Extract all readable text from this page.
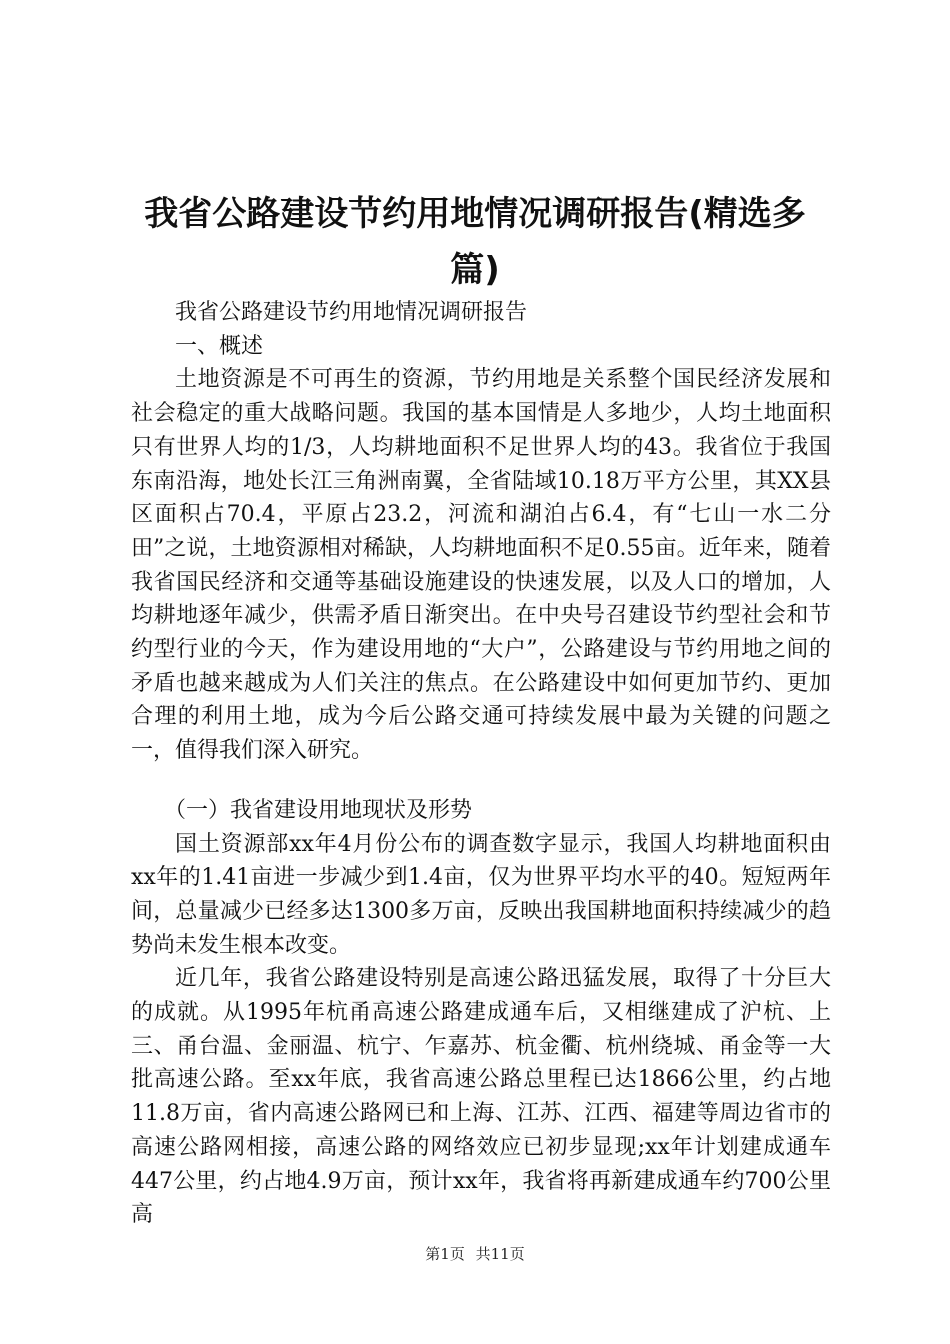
我省公路建设节约用地情况调研报告(精选多篇)

我省公路建设节约用地情况调研报告

一、概述

土地资源是不可再生的资源，节约用地是关系整个国民经济发展和社会稳定的重大战略问题。我国的基本国情是人多地少，人均土地面积只有世界人均的1/3，人均耕地面积不足世界人均的43。我省位于我国东南沿海，地处长江三角洲南翼，全省陆域10.18万平方公里，其XX县区面积占70.4，平原占23.2，河流和湖泊占6.4，有“七山一水二分田”之说，土地资源相对稀缺，人均耕地面积不足0.55亩。近年来，随着我省国民经济和交通等基础设施建设的快速发展，以及人口的增加，人均耕地逐年减少，供需矛盾日渐突出。在中央号召建设节约型社会和节约型行业的今天，作为建设用地的“大户”，公路建设与节约用地之间的矛盾也越来越成为人们关注的焦点。在公路建设中如何更加节约、更加合理的利用土地，成为今后公路交通可持续发展中最为关键的问题之一，值得我们深入研究。

（一）我省建设用地现状及形势

国土资源部xx年4月份公布的调查数字显示，我国人均耕地面积由xx年的1.41亩进一步减少到1.4亩，仅为世界平均水平的40。短短两年间，总量减少已经多达1300多万亩，反映出我国耕地面积持续减少的趋势尚未发生根本改变。

近几年，我省公路建设特别是高速公路迅猛发展，取得了十分巨大的成就。从1995年杭甬高速公路建成通车后，又相继建成了沪杭、上三、甬台温、金丽温、杭宁、乍嘉苏、杭金衢、杭州绕城、甬金等一大批高速公路。至xx年底，我省高速公路总里程已达1866公里，约占地11.8万亩，省内高速公路网已和上海、江苏、江西、福建等周边省市的高速公路网相接，高速公路的网络效应已初步显现;xx年计划建成通车447公里，约占地4.9万亩，预计xx年，我省将再新建成通车约700公里高

第1页 共11页
